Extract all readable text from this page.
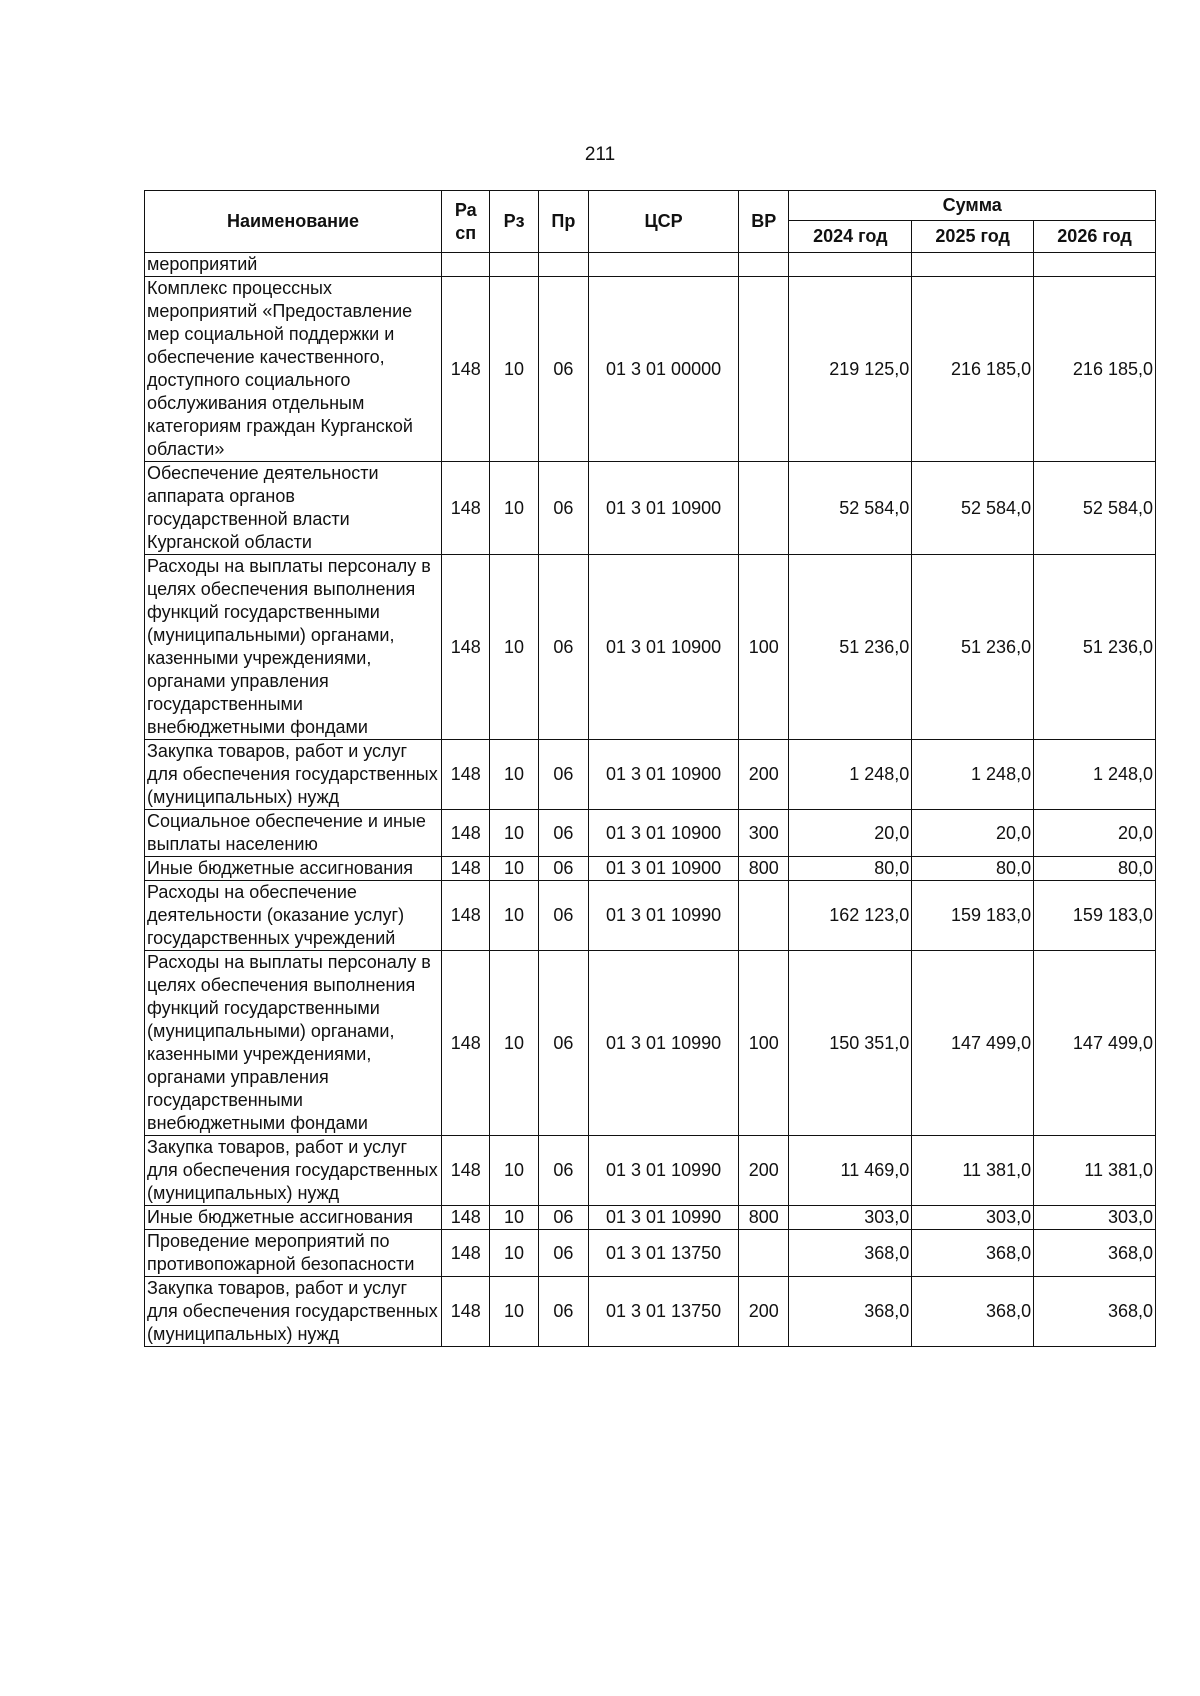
211
Наименование	Ра сп	Рз	Пр	ЦСР	ВР	Сумма		
						2024 год	2025 год	2026 год
мероприятий								
Комплекс процессных мероприятий «Предоставление мер социальной поддержки и обеспечение качественного, доступного социального обслуживания отдельным категориям граждан Курганской области»	148	10	06	01 3 01 00000		219 125,0	216 185,0	216 185,0
Обеспечение деятельности аппарата органов государственной власти Курганской области	148	10	06	01 3 01 10900		52 584,0	52 584,0	52 584,0
Расходы на выплаты персоналу в целях обеспечения выполнения функций государственными (муниципальными) органами, казенными учреждениями, органами управления государственными внебюджетными фондами	148	10	06	01 3 01 10900	100	51 236,0	51 236,0	51 236,0
Закупка товаров, работ и услуг для обеспечения государственных (муниципальных) нужд	148	10	06	01 3 01 10900	200	1 248,0	1 248,0	1 248,0
Социальное обеспечение и иные выплаты населению	148	10	06	01 3 01 10900	300	20,0	20,0	20,0
Иные бюджетные ассигнования	148	10	06	01 3 01 10900	800	80,0	80,0	80,0
Расходы на обеспечение деятельности (оказание услуг) государственных учреждений	148	10	06	01 3 01 10990		162 123,0	159 183,0	159 183,0
Расходы на выплаты персоналу в целях обеспечения выполнения функций государственными (муниципальными) органами, казенными учреждениями, органами управления государственными внебюджетными фондами	148	10	06	01 3 01 10990	100	150 351,0	147 499,0	147 499,0
Закупка товаров, работ и услуг для обеспечения государственных (муниципальных) нужд	148	10	06	01 3 01 10990	200	11 469,0	11 381,0	11 381,0
Иные бюджетные ассигнования	148	10	06	01 3 01 10990	800	303,0	303,0	303,0
Проведение мероприятий по противопожарной безопасности	148	10	06	01 3 01 13750		368,0	368,0	368,0
Закупка товаров, работ и услуг для обеспечения государственных (муниципальных) нужд	148	10	06	01 3 01 13750	200	368,0	368,0	368,0
